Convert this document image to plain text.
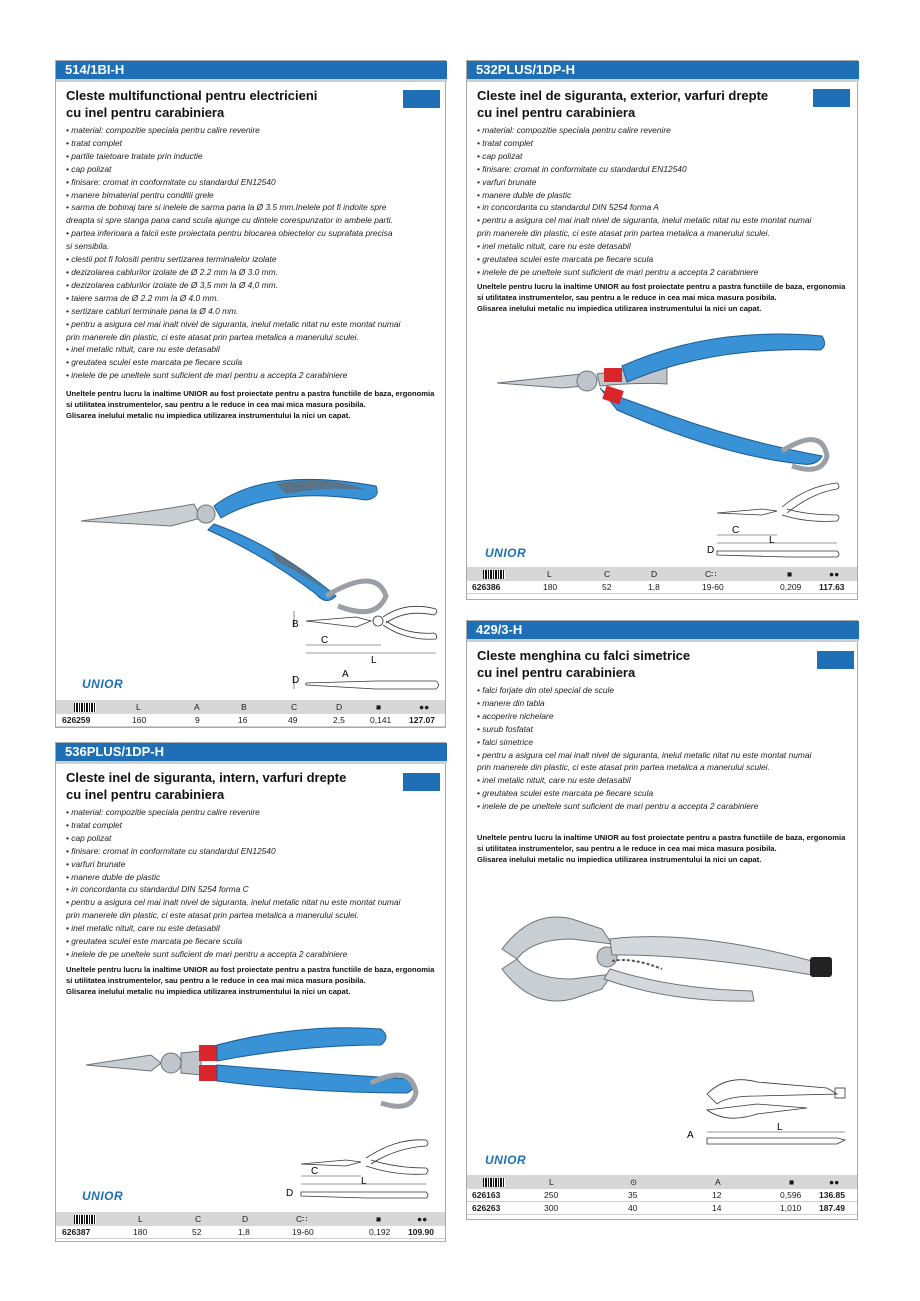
514/1BI-H
Cleste multifunctional pentru electricieni
cu inel pentru carabiniera
• material: compozitie speciala pentru calire revenire
• tratat complet
• partile taietoare tratate prin inductie
• cap polizat
• finisare: cromat in conformitate cu standardul EN12540
• manere bimaterial pentru conditii grele
• sarma de bobinaj tare si inelele de sarma pana la Ø 3.5 mm.Inelele pot fi indoite spre
dreapta si spre stanga pana cand scula ajunge cu dintele corespunzator in ambele parti.
• partea inferioara a falcii este proiectata pentru blocarea obiectelor cu suprafata precisa
si sensibila.
• clestii pot fi folositi pentru sertizarea terminalelor izolate
• dezizolarea cablurilor izolate de Ø 2.2 mm la Ø 3.0 mm.
• dezizolarea cablurilor izolate de Ø 3,5 mm la Ø 4,0 mm.
• taiere sarma de Ø 2.2 mm la Ø 4.0 mm.
• sertizare cabluri terminale pana la Ø 4.0 mm.
• pentru a asigura cel mai inalt nivel de siguranta, inelul metalic nitat nu este montat numai
prin manerele din plastic, ci este atasat prin partea metalica a manerului sculei.
• inel metalic nituit, care nu este detasabil
• greutatea sculei este marcata pe fiecare scula
• inelele de pe uneltele sunt suficient de mari pentru a accepta 2 carabiniere
Uneltele pentru lucru la inaltime UNIOR au fost proiectate pentru a pastra functiile de baza, ergonomia
si utilitatea instrumentelor, sau pentru a le reduce in cea mai mica masura posibila.
Glisarea inelului metalic nu impiedica utilizarea instrumentului la nici un capat.
B
C
L
D
A
UNIOR
L	A	B	C	D	■	●●
626259	160	9	16	49	2,5	0,141 127.07
532PLUS/1DP-H
Cleste inel de siguranta, exterior, varfuri drepte
cu inel pentru carabiniera
• material: compozitie speciala pentru calire revenire
• tratat complet
• cap polizat
• finisare: cromat in conformitate cu standardul EN12540
• varfuri brunate
• manere duble de plastic
• in concordanta cu standardul DIN 5254 forma A
• pentru a asigura cel mai inalt nivel de siguranta, inelul metalic nitat nu este montat numai
prin manerele din plastic, ci este atasat prin partea metalica a manerului sculei.
• inel metalic nituit, care nu este detasabil
• greutatea sculei este marcata pe fiecare scula
• inelele de pe uneltele sunt suficient de mari pentru a accepta 2 carabiniere
Uneltele pentru lucru la inaltime UNIOR au fost proiectate pentru a pastra functiile de baza, ergonomia
si utilitatea instrumentelor, sau pentru a le reduce in cea mai mica masura posibila.
Glisarea inelului metalic nu impiedica utilizarea instrumentului la nici un capat.
C
L
D
UNIOR
L	C	D	C∷	■	●●
626386	180	52	1,8	19-60	0,209 117.63
536PLUS/1DP-H
Cleste inel de siguranta, intern, varfuri drepte
cu inel pentru carabiniera
• material: compozitie speciala pentru calire revenire
• tratat complet
• cap polizat
• finisare: cromat in conformitate cu standardul EN12540
• varfuri brunate
• manere duble de plastic
• in concordanta cu standardul DIN 5254 forma C
• pentru a asigura cel mai inalt nivel de siguranta, inelul metalic nitat nu este montat numai
prin manerele din plastic, ci este atasat prin partea metalica a manerului sculei.
• inel metalic nituit, care nu este detasabil
• greutatea sculei este marcata pe fiecare scula
• inelele de pe uneltele sunt suficient de mari pentru a accepta 2 carabiniere
Uneltele pentru lucru la inaltime UNIOR au fost proiectate pentru a pastra functiile de baza, ergonomia
si utilitatea instrumentelor, sau pentru a le reduce in cea mai mica masura posibila.
Glisarea inelului metalic nu impiedica utilizarea instrumentului la nici un capat.
C
L
D
UNIOR
L	C	D	C∷	■	●●
626387	180	52	1,8	19-60	0,192 109.90
429/3-H
Cleste menghina cu falci simetrice
cu inel pentru carabiniera
• falci forjate din otel special de scule
• manere din tabla
• acoperire nichelare
• surub fosfatat
• falci simetrice
• pentru a asigura cel mai inalt nivel de siguranta, inelul metalic nitat nu este montat numai
prin manerele din plastic, ci este atasat prin partea metalica a manerului sculei.
• inel metalic nituit, care nu este detasabil
• greutatea sculei este marcata pe fiecare scula
• inelele de pe uneltele sunt suficient de mari pentru a accepta 2 carabiniere
Uneltele pentru lucru la inaltime UNIOR au fost proiectate pentru a pastra functiile de baza, ergonomia
si utilitatea instrumentelor, sau pentru a le reduce in cea mai mica masura posibila.
Glisarea inelului metalic nu impiedica utilizarea instrumentului la nici un capat.
A
L
UNIOR
L	⊙	A	■	●●
626163	250	35	12	0,596 136.85
626263	300	40	14	1,010 187.49
